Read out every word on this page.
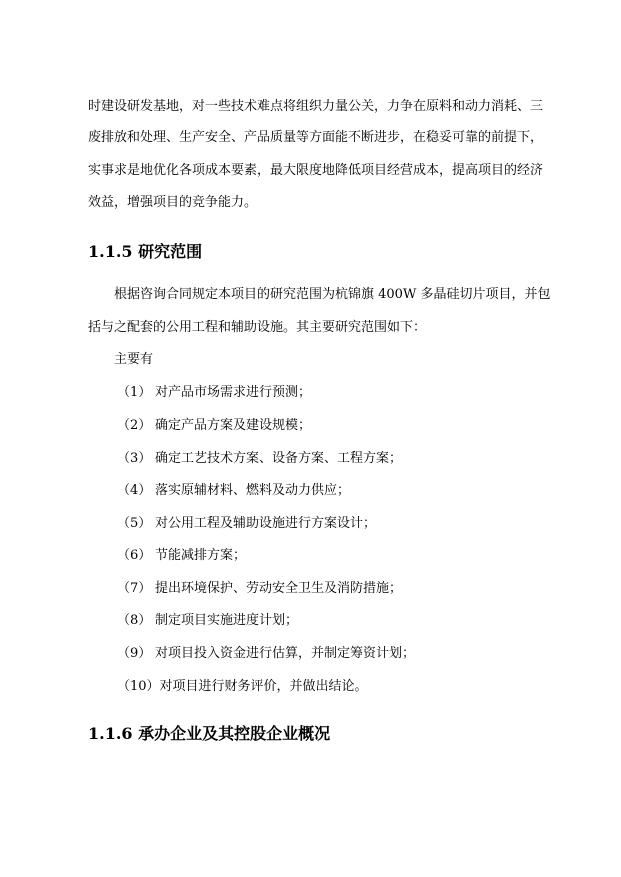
时建设研发基地，对一些技术难点将组织力量公关，力争在原料和动力消耗、三
废排放和处理、生产安全、产品质量等方面能不断进步，在稳妥可靠的前提下，
实事求是地优化各项成本要素，最大限度地降低项目经营成本，提高项目的经济
效益，增强项目的竞争能力。
1.1.5 研究范围
根据咨询合同规定本项目的研究范围为杭锦旗 400W 多晶硅切片项目，并包
括与之配套的公用工程和辅助设施。其主要研究范围如下：
主要有
（1） 对产品市场需求进行预测；
（2） 确定产品方案及建设规模；
（3） 确定工艺技术方案、设备方案、工程方案；
（4） 落实原辅材料、燃料及动力供应；
（5） 对公用工程及辅助设施进行方案设计；
（6） 节能减排方案；
（7） 提出环境保护、劳动安全卫生及消防措施；
（8） 制定项目实施进度计划；
（9） 对项目投入资金进行估算，并制定筹资计划；
（10）对项目进行财务评价，并做出结论。
1.1.6 承办企业及其控股企业概况
